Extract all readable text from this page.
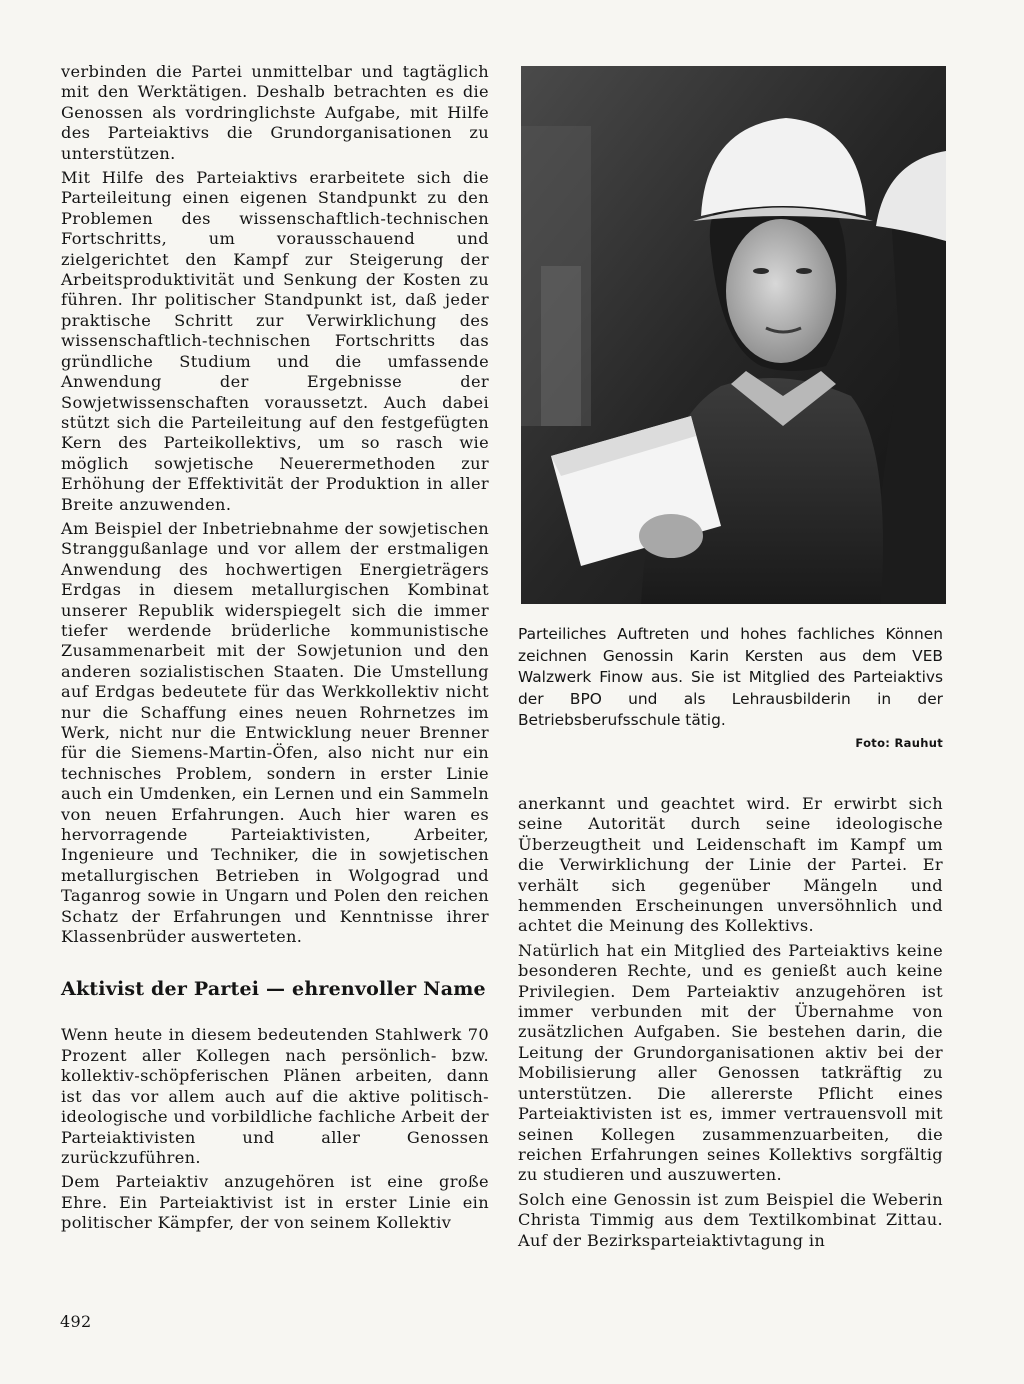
verbinden die Partei unmittelbar und tagtäglich mit den Werktätigen. Deshalb betrachten es die Genossen als vordringlichste Aufgabe, mit Hilfe des Parteiaktivs die Grundorganisationen zu unterstützen.

Mit Hilfe des Parteiaktivs erarbeitete sich die Parteileitung einen eigenen Standpunkt zu den Problemen des wissenschaftlich-technischen Fortschritts, um vorausschauend und zielgerichtet den Kampf zur Steigerung der Arbeitsproduktivität und Senkung der Kosten zu führen. Ihr politischer Standpunkt ist, daß jeder praktische Schritt zur Verwirklichung des wissenschaftlich-technischen Fortschritts das gründliche Studium und die umfassende Anwendung der Ergebnisse der Sowjetwissenschaften voraussetzt. Auch dabei stützt sich die Parteileitung auf den festgefügten Kern des Parteikollektivs, um so rasch wie möglich sowjetische Neuerermethoden zur Erhöhung der Effektivität der Produktion in aller Breite anzuwenden.

Am Beispiel der Inbetriebnahme der sowjetischen Stranggußanlage und vor allem der erstmaligen Anwendung des hochwertigen Energieträgers Erdgas in diesem metallurgischen Kombinat unserer Republik widerspiegelt sich die immer tiefer werdende brüderliche kommunistische Zusammenarbeit mit der Sowjetunion und den anderen sozialistischen Staaten. Die Umstellung auf Erdgas bedeutete für das Werkkollektiv nicht nur die Schaffung eines neuen Rohrnetzes im Werk, nicht nur die Entwicklung neuer Brenner für die Siemens-Martin-Öfen, also nicht nur ein technisches Problem, sondern in erster Linie auch ein Umdenken, ein Lernen und ein Sammeln von neuen Erfahrungen. Auch hier waren es hervorragende Parteiaktivisten, Arbeiter, Ingenieure und Techniker, die in sowjetischen metallurgischen Betrieben in Wolgograd und Taganrog sowie in Ungarn und Polen den reichen Schatz der Erfahrungen und Kenntnisse ihrer Klassenbrüder auswerteten.

Aktivist der Partei — ehrenvoller Name

Wenn heute in diesem bedeutenden Stahlwerk 70 Prozent aller Kollegen nach persönlich- bzw. kollektiv-schöpferischen Plänen arbeiten, dann ist das vor allem auch auf die aktive politisch-ideologische und vorbildliche fachliche Arbeit der Parteiaktivisten und aller Genossen zurückzuführen.

Dem Parteiaktiv anzugehören ist eine große Ehre. Ein Parteiaktivist ist in erster Linie ein politischer Kämpfer, der von seinem Kollektiv

Parteiliches Auftreten und hohes fachliches Können zeichnen Genossin Karin Kersten aus dem VEB Walzwerk Finow aus. Sie ist Mitglied des Parteiaktivs der BPO und als Lehrausbilderin in der Betriebsberufsschule tätig.
Foto: Rauhut

anerkannt und geachtet wird. Er erwirbt sich seine Autorität durch seine ideologische Überzeugtheit und Leidenschaft im Kampf um die Verwirklichung der Linie der Partei. Er verhält sich gegenüber Mängeln und hemmenden Erscheinungen unversöhnlich und achtet die Meinung des Kollektivs.

Natürlich hat ein Mitglied des Parteiaktivs keine besonderen Rechte, und es genießt auch keine Privilegien. Dem Parteiaktiv anzugehören ist immer verbunden mit der Übernahme von zusätzlichen Aufgaben. Sie bestehen darin, die Leitung der Grundorganisationen aktiv bei der Mobilisierung aller Genossen tatkräftig zu unterstützen. Die allererste Pflicht eines Parteiaktivisten ist es, immer vertrauensvoll mit seinen Kollegen zusammenzuarbeiten, die reichen Erfahrungen seines Kollektivs sorgfältig zu studieren und auszuwerten.

Solch eine Genossin ist zum Beispiel die Weberin Christa Timmig aus dem Textilkombinat Zittau. Auf der Bezirksparteiaktivtagung in

492
